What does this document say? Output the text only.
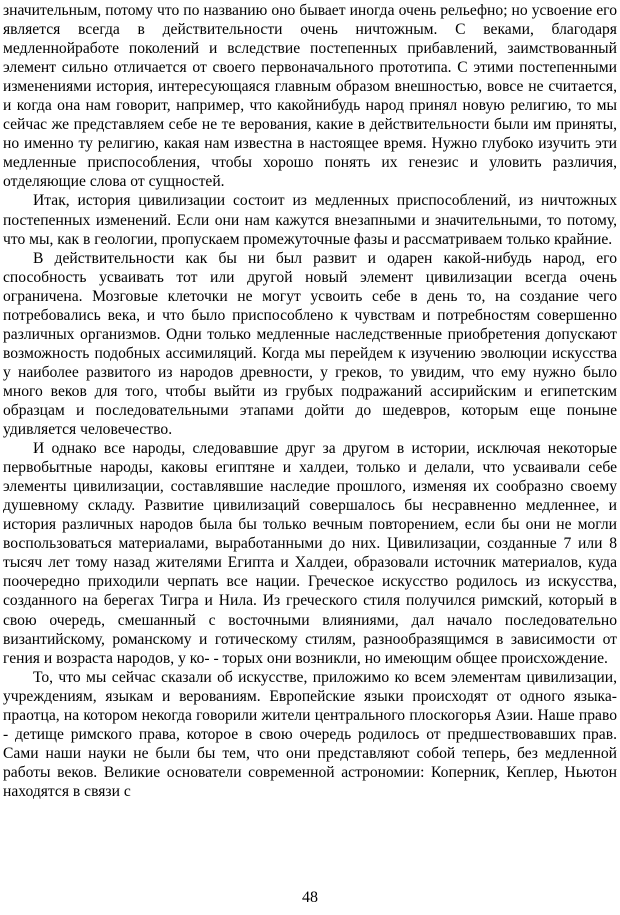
значительным, потому что по названию оно бывает иногда очень рельефно; но усвоение его является всегда в действительности очень ничтожным. С веками, благодаря медленнойработе поколений и вследствие постепенных прибавлений, заимствованный элемент сильно отличается от своего первоначального прототипа. С этими постепенными изменениями история, интересующаяся главным образом внешностью, вовсе не считается, и когда она нам говорит, например, что какойнибудь народ принял новую религию, то мы сейчас же представляем себе не те верования, какие в действительности были им приняты, но именно ту религию, какая нам известна в настоящее время. Нужно глубоко изучить эти медленные приспособления, чтобы хорошо понять их генезис и уловить различия, отделяющие слова от сущностей.

Итак, история цивилизации состоит из медленных приспособлений, из ничтожных постепенных изменений. Если они нам кажутся внезапными и значительными, то потому, что мы, как в геологии, пропускаем промежуточные фазы и рассматриваем только крайние.

В действительности как бы ни был развит и одарен какой-нибудь народ, его способность усваивать тот или другой новый элемент цивилизации всегда очень ограничена. Мозговые клеточки не могут усвоить себе в день то, на создание чего потребовались века, и что было приспособлено к чувствам и потребностям совершенно различных организмов. Одни только медленные наследственные приобретения допускают возможность подобных ассимиляций. Когда мы перейдем к изучению эволюции искусства у наиболее развитого из народов древности, у греков, то увидим, что ему нужно было много веков для того, чтобы выйти из грубых подражаний ассирийским и египетским образцам и последовательными этапами дойти до шедевров, которым еще поныне удивляется человечество.

И однако все народы, следовавшие друг за другом в истории, исключая некоторые первобытные народы, каковы египтяне и халдеи, только и делали, что усваивали себе элементы цивилизации, составлявшие наследие прошлого, изменяя их сообразно своему душевному складу. Развитие цивилизаций совершалось бы несравненно медленнее, и история различных народов была бы только вечным повторением, если бы они не могли воспользоваться материалами, выработанными до них. Цивилизации, созданные 7 или 8 тысяч лет тому назад жителями Египта и Халдеи, образовали источник материалов, куда поочередно приходили черпать все нации. Греческое искусство родилось из искусства, созданного на берегах Тигра и Нила. Из греческого стиля получился римский, который в свою очередь, смешанный с восточными влияниями, дал начало последовательно византийскому, романскому и готическому стилям, разнообразящимся в зависимости от гения и возраста народов, у ко- - торых они возникли, но имеющим общее происхождение.

То, что мы сейчас сказали об искусстве, приложимо ко всем элементам цивилизации, учреждениям, языкам и верованиям. Европейские языки происходят от одного языка-праотца, на котором некогда говорили жители центрального плоскогорья Азии. Наше право - детище римского права, которое в свою очередь родилось от предшествовавших прав. Сами наши науки не были бы тем, что они представляют собой теперь, без медленной работы веков. Великие основатели современной астрономии: Коперник, Кеплер, Ньютон находятся в связи с

48
